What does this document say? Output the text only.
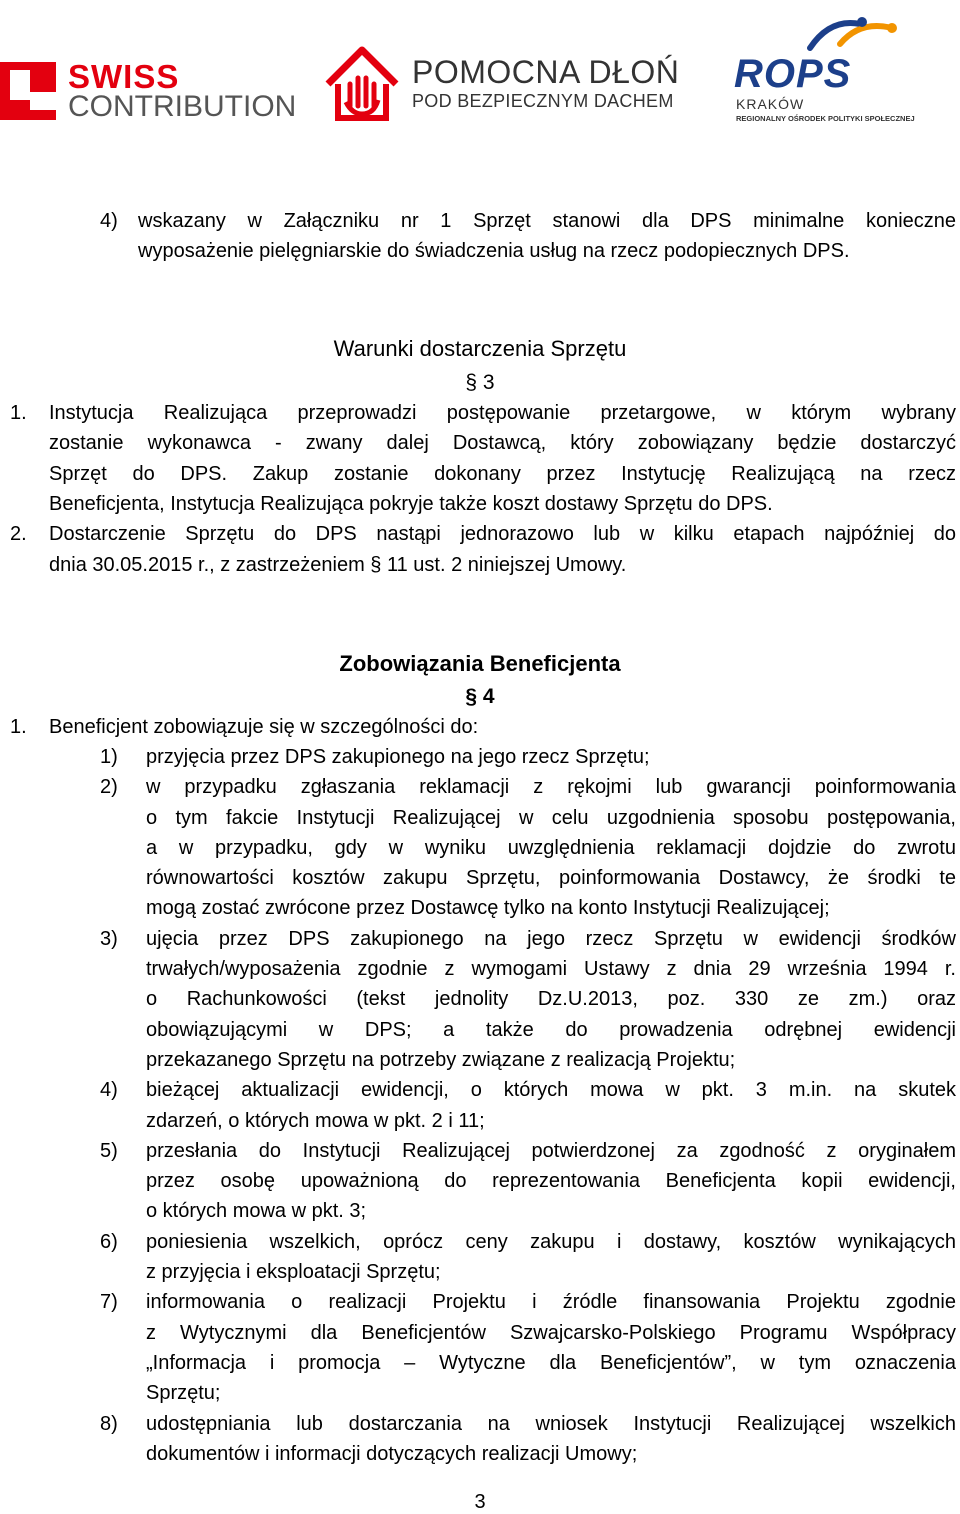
SWISS
CONTRIBUTION
POMOCNA DŁOŃ
POD BEZPIECZNYM DACHEM
ROPS
KRAKÓW
REGIONALNY OŚRODEK POLITYKI SPOŁECZNEJ
4) wskazany w Załączniku nr 1 Sprzęt stanowi dla DPS minimalne konieczne
wyposażenie pielęgniarskie do świadczenia usług na rzecz podopiecznych DPS.
Warunki dostarczenia Sprzętu
§ 3
1. Instytucja Realizująca przeprowadzi postępowanie przetargowe, w którym wybrany
zostanie wykonawca - zwany dalej Dostawcą, który zobowiązany będzie dostarczyć
Sprzęt do DPS. Zakup zostanie dokonany przez Instytucję Realizującą na rzecz
Beneficjenta, Instytucja Realizująca pokryje także koszt dostawy Sprzętu do DPS.
2. Dostarczenie Sprzętu do DPS nastąpi jednorazowo lub w kilku etapach najpóźniej do
dnia 30.05.2015 r., z zastrzeżeniem § 11 ust. 2 niniejszej Umowy.
Zobowiązania Beneficjenta
§ 4
1. Beneficjent zobowiązuje się w szczególności do:
1) przyjęcia przez DPS zakupionego na jego rzecz Sprzętu;
2) w przypadku zgłaszania reklamacji z rękojmi lub gwarancji poinformowania
o tym fakcie Instytucji Realizującej w celu uzgodnienia sposobu postępowania,
a w przypadku, gdy w wyniku uwzględnienia reklamacji dojdzie do zwrotu
równowartości kosztów zakupu Sprzętu, poinformowania Dostawcy, że środki te
mogą zostać zwrócone przez Dostawcę tylko na konto Instytucji Realizującej;
3) ujęcia przez DPS zakupionego na jego rzecz Sprzętu w ewidencji środków
trwałych/wyposażenia zgodnie z wymogami Ustawy z dnia 29 września 1994 r.
o Rachunkowości (tekst jednolity Dz.U.2013, poz. 330 ze zm.) oraz
obowiązującymi w DPS; a także do prowadzenia odrębnej ewidencji
przekazanego Sprzętu na potrzeby związane z realizacją Projektu;
4) bieżącej aktualizacji ewidencji, o których mowa w pkt. 3 m.in. na skutek
zdarzeń, o których mowa w pkt. 2 i 11;
5) przesłania do Instytucji Realizującej potwierdzonej za zgodność z oryginałem
przez osobę upoważnioną do reprezentowania Beneficjenta kopii ewidencji,
o których mowa w pkt. 3;
6) poniesienia wszelkich, oprócz ceny zakupu i dostawy, kosztów wynikających
z przyjęcia i eksploatacji Sprzętu;
7) informowania o realizacji Projektu i źródle finansowania Projektu zgodnie
z Wytycznymi dla Beneficjentów Szwajcarsko-Polskiego Programu Współpracy
„Informacja i promocja – Wytyczne dla Beneficjentów”, w tym oznaczenia
Sprzętu;
8) udostępniania lub dostarczania na wniosek Instytucji Realizującej wszelkich
dokumentów i informacji dotyczących realizacji Umowy;
3
